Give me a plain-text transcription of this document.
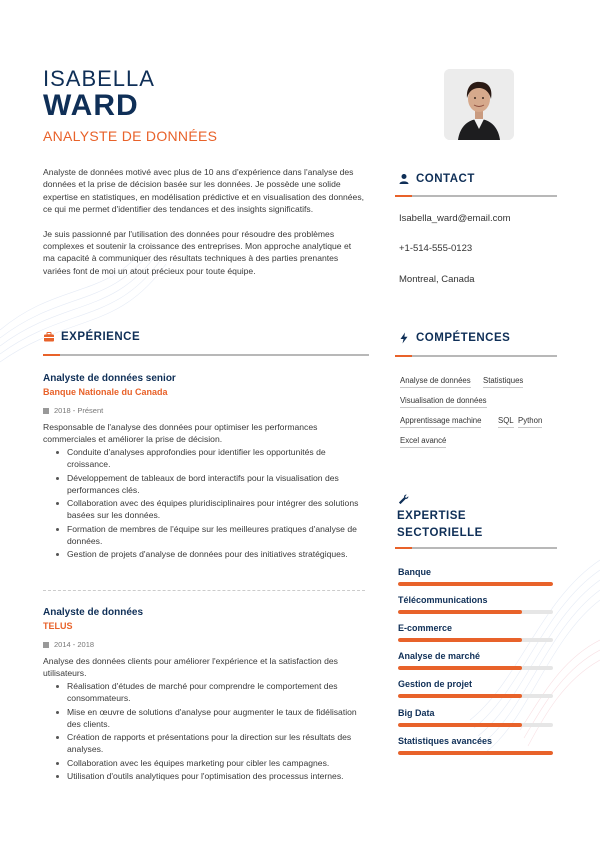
ISABELLA
WARD
ANALYSTE DE DONNÉES

Analyste de données motivé avec plus de 10 ans d'expérience dans l'analyse des données et la prise de décision basée sur les données. Je possède une solide expertise en statistiques, en modélisation prédictive et en visualisation des données, ce qui me permet d'identifier des tendances et des insights significatifs.

Je suis passionné par l'utilisation des données pour résoudre des problèmes complexes et soutenir la croissance des entreprises. Mon approche analytique et ma capacité à communiquer des résultats techniques à des parties prenantes variées font de moi un atout précieux pour toute équipe.

EXPÉRIENCE
Analyste de données senior
Banque Nationale du Canada
2018 - Présent
Responsable de l'analyse des données pour optimiser les performances commerciales et améliorer la prise de décision.
Conduite d'analyses approfondies pour identifier les opportunités de croissance.
Développement de tableaux de bord interactifs pour la visualisation des performances clés.
Collaboration avec des équipes pluridisciplinaires pour intégrer des solutions basées sur les données.
Formation de membres de l'équipe sur les meilleures pratiques d'analyse de données.
Gestion de projets d'analyse de données pour des initiatives stratégiques.
Analyste de données
TELUS
2014 - 2018
Analyse des données clients pour améliorer l'expérience et la satisfaction des utilisateurs.
Réalisation d'études de marché pour comprendre le comportement des consommateurs.
Mise en œuvre de solutions d'analyse pour augmenter le taux de fidélisation des clients.
Création de rapports et présentations pour la direction sur les résultats des analyses.
Collaboration avec les équipes marketing pour cibler les campagnes.
Utilisation d'outils analytiques pour l'optimisation des processus internes.
CONTACT
Isabella_ward@email.com
+1-514-555-0123
Montreal, Canada
COMPÉTENCES
Analyse de données Statistiques
Visualisation de données
Apprentissage machine SQL Python
Excel avancé
EXPERTISE
SECTORIELLE
Banque
Télécommunications
E-commerce
Analyse de marché
Gestion de projet
Big Data
Statistiques avancées
